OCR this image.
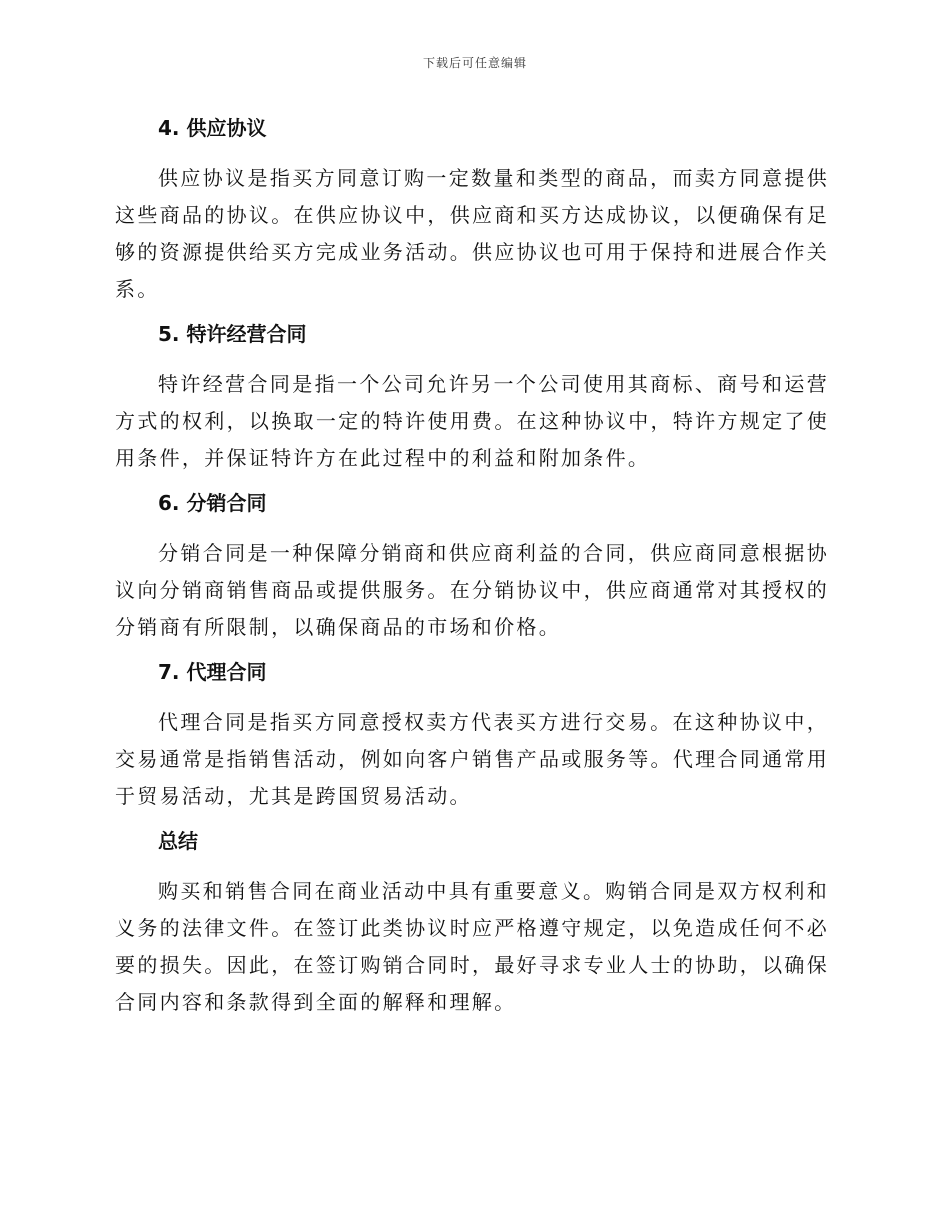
下载后可任意编辑
4. 供应协议

供应协议是指买方同意订购一定数量和类型的商品，而卖方同意提供这些商品的协议。在供应协议中，供应商和买方达成协议，以便确保有足够的资源提供给买方完成业务活动。供应协议也可用于保持和进展合作关系。

5. 特许经营合同

特许经营合同是指一个公司允许另一个公司使用其商标、商号和运营方式的权利，以换取一定的特许使用费。在这种协议中，特许方规定了使用条件，并保证特许方在此过程中的利益和附加条件。

6. 分销合同

分销合同是一种保障分销商和供应商利益的合同，供应商同意根据协议向分销商销售商品或提供服务。在分销协议中，供应商通常对其授权的分销商有所限制，以确保商品的市场和价格。

7. 代理合同

代理合同是指买方同意授权卖方代表买方进行交易。在这种协议中，交易通常是指销售活动，例如向客户销售产品或服务等。代理合同通常用于贸易活动，尤其是跨国贸易活动。

总结

购买和销售合同在商业活动中具有重要意义。购销合同是双方权利和义务的法律文件。在签订此类协议时应严格遵守规定，以免造成任何不必要的损失。因此，在签订购销合同时，最好寻求专业人士的协助，以确保合同内容和条款得到全面的解释和理解。
